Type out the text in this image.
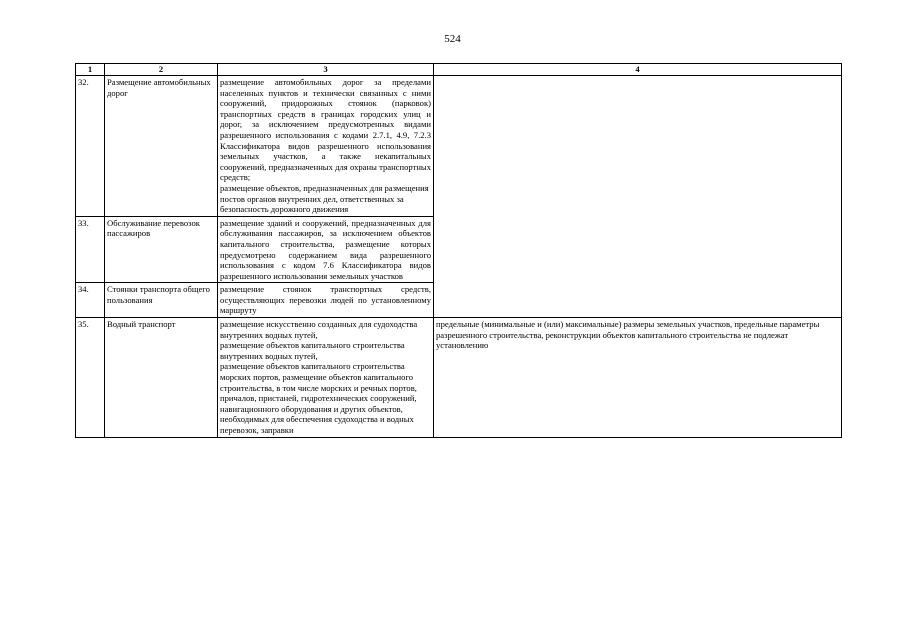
524
1	2	3	4
32.	Размещение автомобильных дорог	размещение автомобильных дорог за пределами населенных пунктов и технически связанных с ними сооружений, придорожных стоянок (парковок) транспортных средств в границах городских улиц и дорог, за исключением предусмотренных видами разрешенного использования с кодами 2.7.1, 4.9, 7.2.3 Классификатора видов разрешенного использования земельных участков, а также некапитальных сооружений, предназначенных для охраны транспортных средств;
размещение объектов, предназначенных для размещения постов органов внутренних дел, ответственных за безопасность дорожного движения	

33.	Обслуживание перевозок пассажиров	размещение зданий и сооружений, предназначенных для обслуживания пассажиров, за исключением объектов капитального строительства, размещение которых предусмотрено содержанием вида разрешенного использования с кодом 7.6 Классификатора видов разрешенного использования земельных участков	

34.	Стоянки транспорта общего пользования	размещение стоянок транспортных средств, осуществляющих перевозки людей по установленному маршруту	

35.	Водный транспорт	размещение искусственно созданных для судоходства внутренних водных путей,
размещение объектов капитального строительства внутренних водных путей,
размещение объектов капитального строительства морских портов, размещение объектов капитального строительства, в том числе морских и речных портов, причалов, пристаней, гидротехнических сооружений, навигационного оборудования и других объектов, необходимых для обеспечения судоходства и водных перевозок, заправки	предельные (минимальные и (или) максимальные) размеры земельных участков, предельные параметры разрешенного строительства, реконструкции объектов капитального строительства не подлежат установлению
